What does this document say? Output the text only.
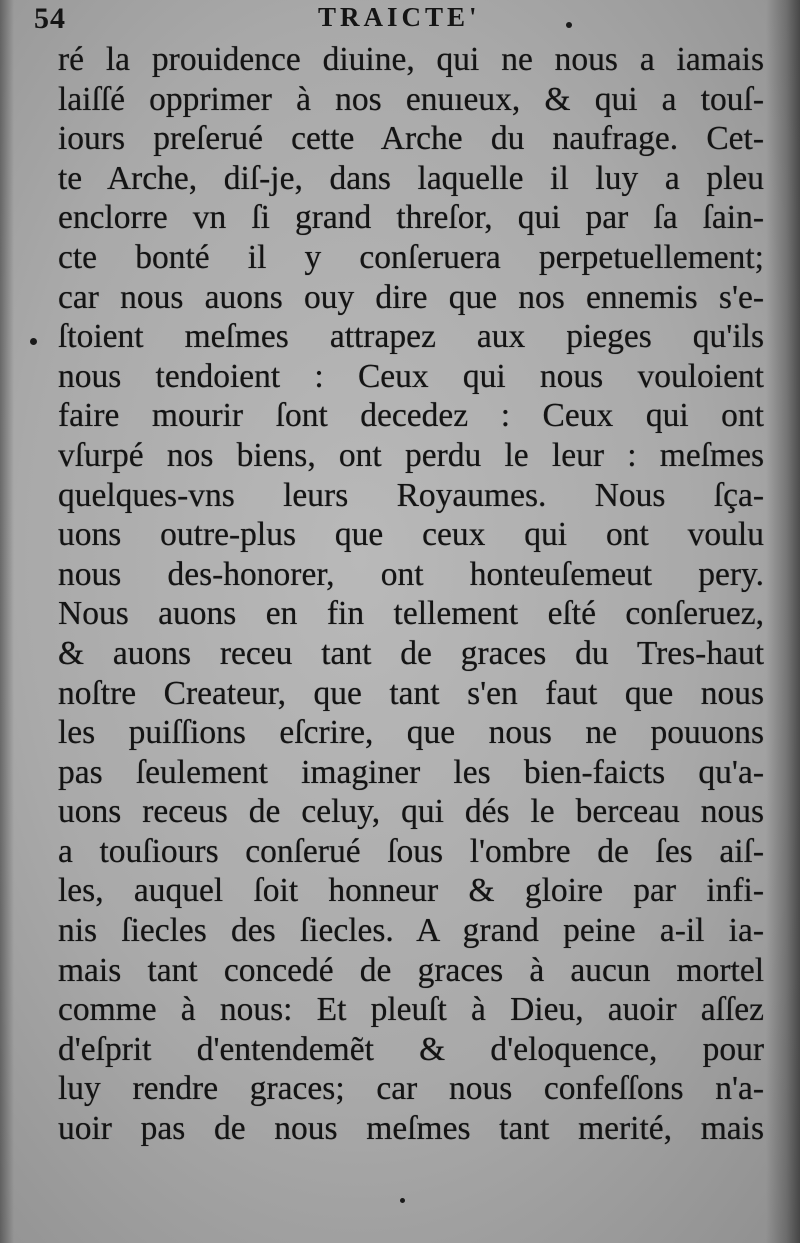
54	TRAICTE'
ré la prouidence diuine, qui ne nous a iamais
laiſſé opprimer à nos enuıeux, & qui a touſ-
iours preſerué cette Arche du naufrage. Cet-
te Arche, diſ-je, dans laquelle il luy a pleu
enclorre vn ſi grand threſor, qui par ſa ſain-
cte bonté il y conſeruera perpetuellement;
car nous auons ouy dire que nos ennemis s'e-
ſtoient meſmes attrapez aux pieges qu'ils
nous tendoient : Ceux qui nous vouloient
faire mourir ſont decedez : Ceux qui ont
vſurpé nos biens, ont perdu le leur : meſmes
quelques-vns leurs Royaumes. Nous ſça-
uons outre-plus que ceux qui ont voulu
nous des-honorer, ont honteuſemeut pery.
Nous auons en fin tellement eſté conſeruez,
& auons receu tant de graces du Tres-haut
noſtre Createur, que tant s'en faut que nous
les puiſſions eſcrire, que nous ne pouuons
pas ſeulement imaginer les bien-faicts qu'a-
uons receus de celuy, qui dés le berceau nous
a touſiours conſerué ſous l'ombre de ſes aiſ-
les, auquel ſoit honneur & gloire par infi-
nis ſiecles des ſiecles. A grand peine a-il ia-
mais tant concedé de graces à aucun mortel
comme à nous: Et pleuſt à Dieu, auoir aſſez
d'eſprit d'entendemẽt & d'eloquence, pour
luy rendre graces; car nous confeſſons n'a-
uoir pas de nous meſmes tant merité, mais
